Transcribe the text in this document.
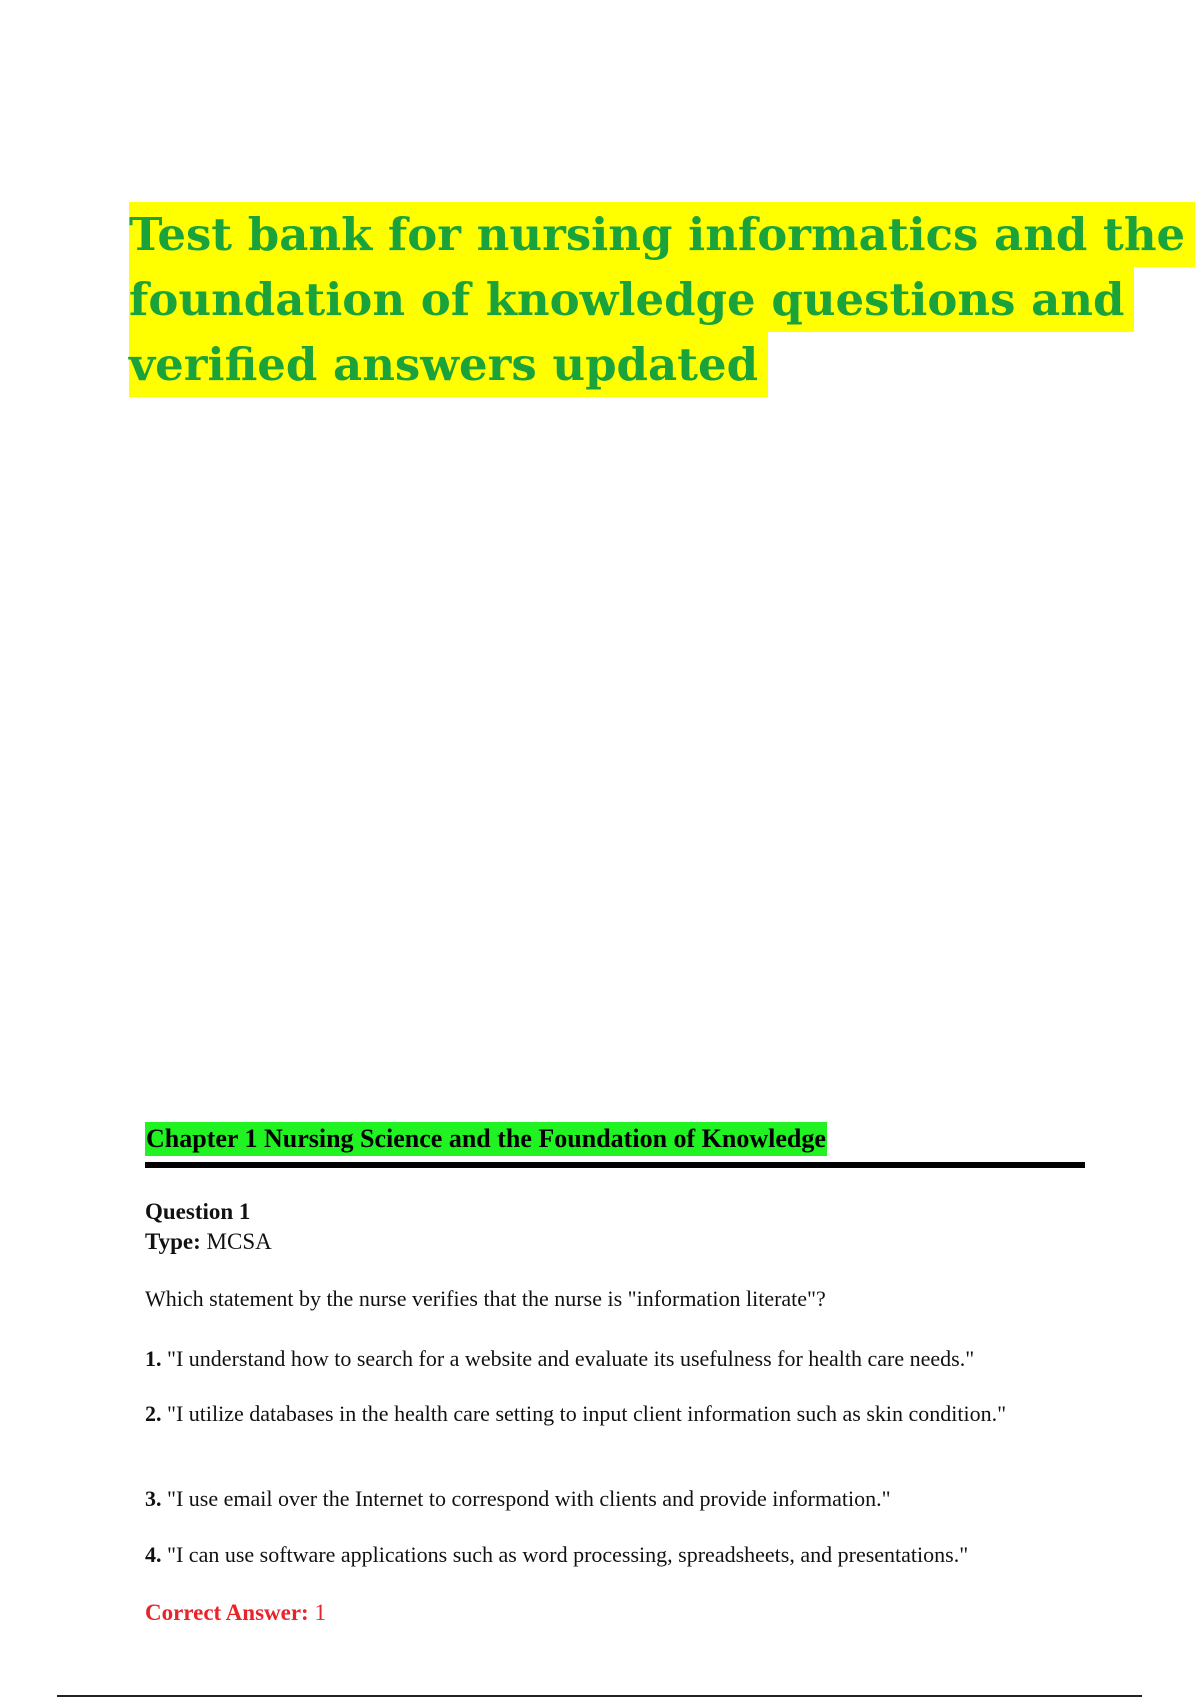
Test bank for nursing informatics and the
foundation of knowledge questions and
verified answers updated
Chapter 1 Nursing Science and the Foundation of Knowledge
Question 1
Type: MCSA
Which statement by the nurse verifies that the nurse is "information literate"?
1. "I understand how to search for a website and evaluate its usefulness for health care needs."
2. "I utilize databases in the health care setting to input client information such as skin condition."
3. "I use email over the Internet to correspond with clients and provide information."
4. "I can use software applications such as word processing, spreadsheets, and presentations."
Correct Answer: 1
